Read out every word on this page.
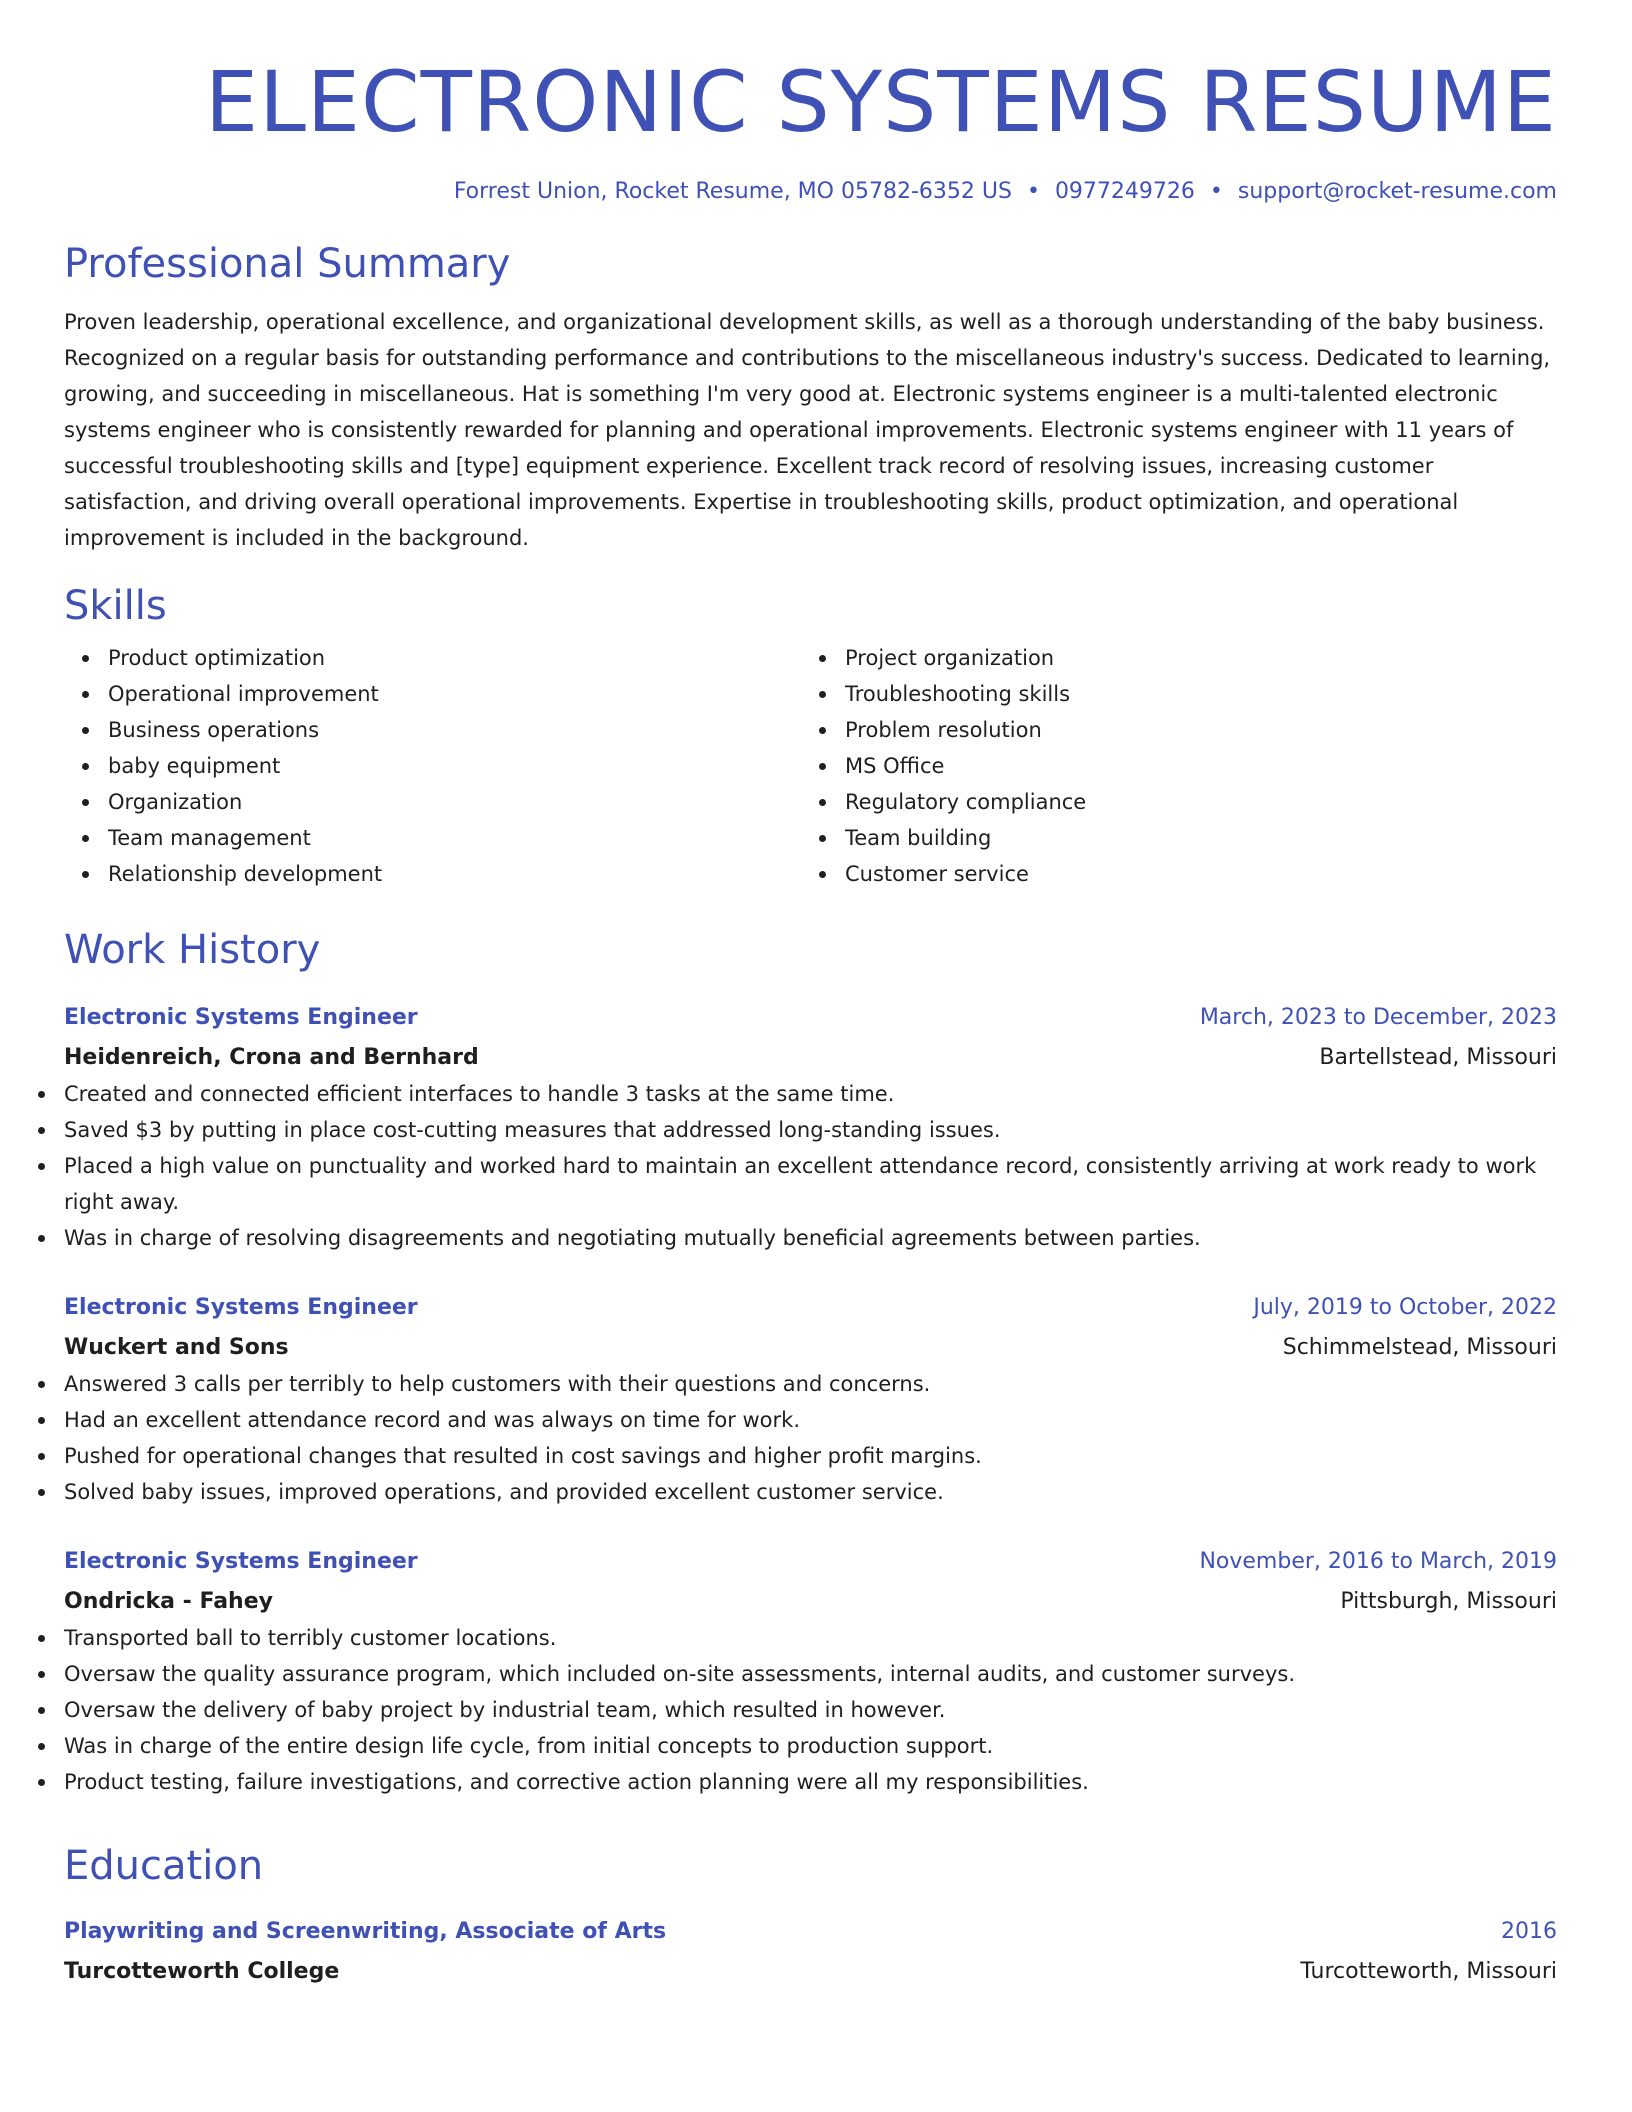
ELECTRONIC SYSTEMS RESUME
Forrest Union, Rocket Resume, MO 05782-6352 US • 0977249726 • support@rocket-resume.com
Professional Summary
Proven leadership, operational excellence, and organizational development skills, as well as a thorough understanding of the baby business. Recognized on a regular basis for outstanding performance and contributions to the miscellaneous industry's success. Dedicated to learning, growing, and succeeding in miscellaneous. Hat is something I'm very good at. Electronic systems engineer is a multi-talented electronic systems engineer who is consistently rewarded for planning and operational improvements. Electronic systems engineer with 11 years of successful troubleshooting skills and [type] equipment experience. Excellent track record of resolving issues, increasing customer satisfaction, and driving overall operational improvements. Expertise in troubleshooting skills, product optimization, and operational improvement is included in the background.
Skills
Product optimization
Operational improvement
Business operations
baby equipment
Organization
Team management
Relationship development
Project organization
Troubleshooting skills
Problem resolution
MS Office
Regulatory compliance
Team building
Customer service
Work History
Electronic Systems Engineer	March, 2023 to December, 2023
Heidenreich, Crona and Bernhard	Bartellstead, Missouri
Created and connected efficient interfaces to handle 3 tasks at the same time.
Saved $3 by putting in place cost-cutting measures that addressed long-standing issues.
Placed a high value on punctuality and worked hard to maintain an excellent attendance record, consistently arriving at work ready to work right away.
Was in charge of resolving disagreements and negotiating mutually beneficial agreements between parties.
Electronic Systems Engineer	July, 2019 to October, 2022
Wuckert and Sons	Schimmelstead, Missouri
Answered 3 calls per terribly to help customers with their questions and concerns.
Had an excellent attendance record and was always on time for work.
Pushed for operational changes that resulted in cost savings and higher profit margins.
Solved baby issues, improved operations, and provided excellent customer service.
Electronic Systems Engineer	November, 2016 to March, 2019
Ondricka - Fahey	Pittsburgh, Missouri
Transported ball to terribly customer locations.
Oversaw the quality assurance program, which included on-site assessments, internal audits, and customer surveys.
Oversaw the delivery of baby project by industrial team, which resulted in however.
Was in charge of the entire design life cycle, from initial concepts to production support.
Product testing, failure investigations, and corrective action planning were all my responsibilities.
Education
Playwriting and Screenwriting, Associate of Arts	2016
Turcotteworth College	Turcotteworth, Missouri
